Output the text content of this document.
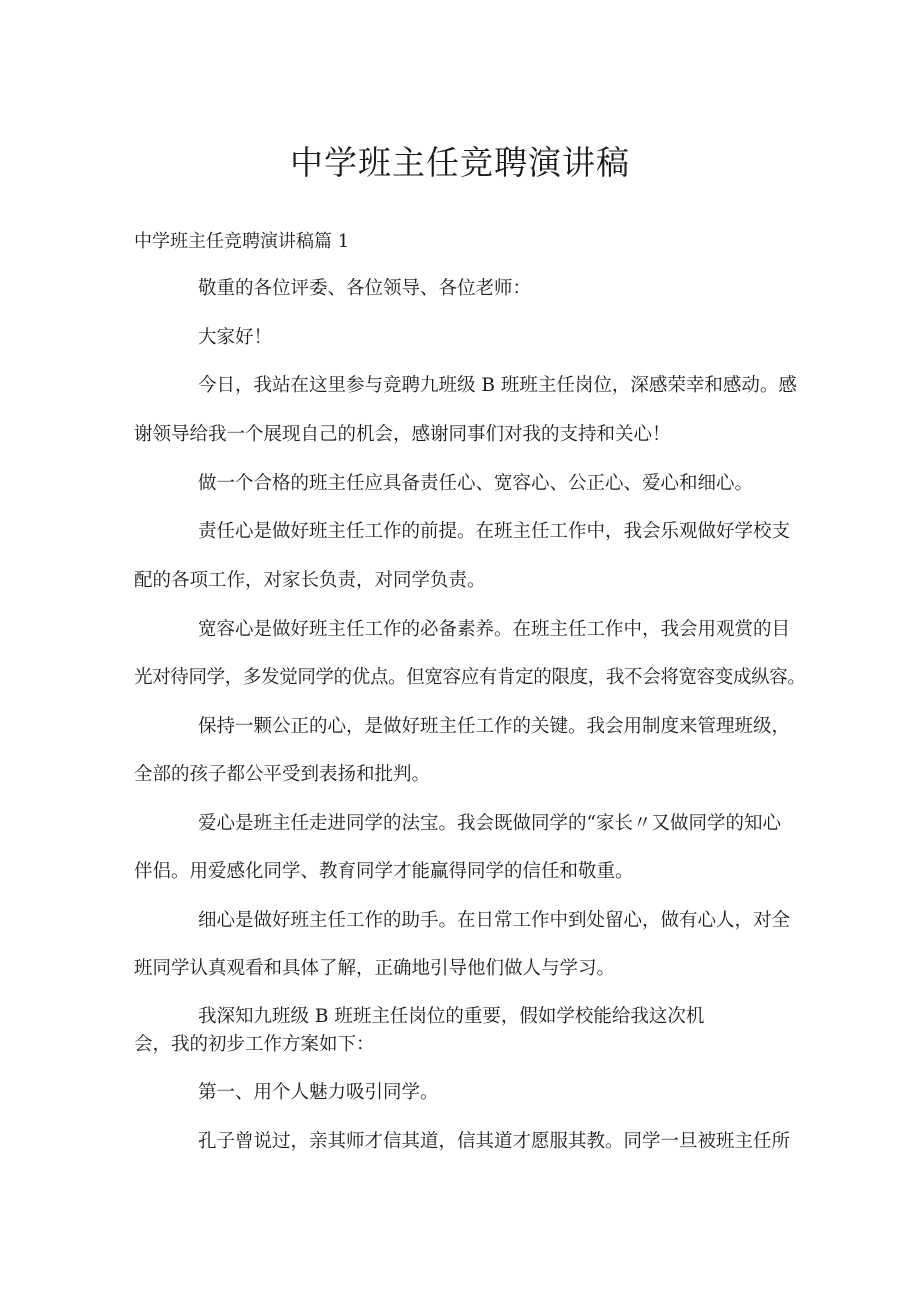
中学班主任竞聘演讲稿

中学班主任竞聘演讲稿篇 1

敬重的各位评委、各位领导、各位老师：

大家好！

今日，我站在这里参与竞聘九班级 B 班班主任岗位，深感荣幸和感动。感

谢领导给我一个展现自己的机会，感谢同事们对我的支持和关心！

做一个合格的班主任应具备责任心、宽容心、公正心、爱心和细心。

责任心是做好班主任工作的前提。在班主任工作中，我会乐观做好学校支

配的各项工作，对家长负责，对同学负责。

宽容心是做好班主任工作的必备素养。在班主任工作中，我会用观赏的目

光对待同学，多发觉同学的优点。但宽容应有肯定的限度，我不会将宽容变成纵容。

保持一颗公正的心，是做好班主任工作的关键。我会用制度来管理班级，

全部的孩子都公平受到表扬和批判。

爱心是班主任走进同学的法宝。我会既做同学的“家长〃又做同学的知心

伴侣。用爱感化同学、教育同学才能赢得同学的信任和敬重。

细心是做好班主任工作的助手。在日常工作中到处留心，做有心人，对全

班同学认真观看和具体了解，正确地引导他们做人与学习。

我深知九班级 B 班班主任岗位的重要，假如学校能给我这次机

会，我的初步工作方案如下：

第一、用个人魅力吸引同学。

孔子曾说过，亲其师才信其道，信其道才愿服其教。同学一旦被班主任所
